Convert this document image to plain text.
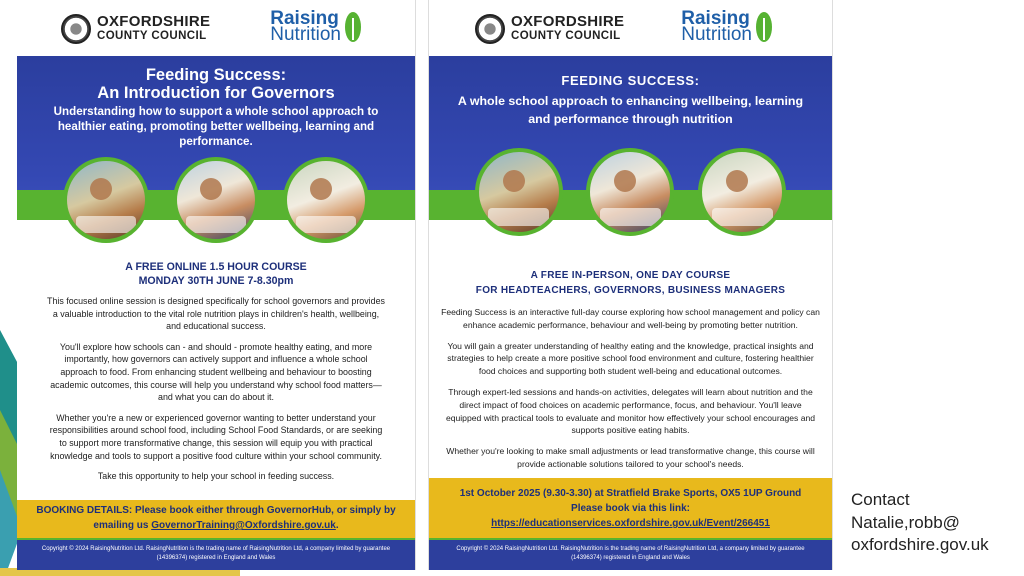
OXFORDSHIRE
COUNTY COUNCIL
Raising
Nutrition
Feeding Success:
An Introduction for Governors
Understanding how to support a whole school approach to healthier eating, promoting better wellbeing, learning and performance.
A FREE ONLINE 1.5 HOUR COURSE
MONDAY 30TH JUNE 7-8.30pm

This focused online session is designed specifically for school governors and provides a valuable introduction to the vital role nutrition plays in children's health, wellbeing, and educational success.

You'll explore how schools can - and should - promote healthy eating, and more importantly, how governors can actively support and influence a whole school approach to food. From enhancing student wellbeing and behaviour to boosting academic outcomes, this course will help you understand why school food matters—and what you can do about it.

Whether you're a new or experienced governor wanting to better understand your responsibilities around school food, including School Food Standards, or are seeking to support more transformative change, this session will equip you with practical knowledge and tools to support a positive food culture within your school community.

Take this opportunity to help your school in feeding success.

BOOKING DETAILS: Please book either through GovernorHub, or simply by emailing us GovernorTraining@Oxfordshire.gov.uk.
Copyright © 2024 RaisingNutrition Ltd. RaisingNutrition is the trading name of RaisingNutrition Ltd, a company limited by guarantee (14396374) registered in England and Wales
OXFORDSHIRE
COUNTY COUNCIL
Raising
Nutrition
FEEDING SUCCESS:
A whole school approach to enhancing wellbeing, learning and performance through nutrition
A FREE IN-PERSON, ONE DAY COURSE
FOR HEADTEACHERS, GOVERNORS, BUSINESS MANAGERS

Feeding Success is an interactive full-day course exploring how school management and policy can enhance academic performance, behaviour and well-being by promoting better nutrition.

You will gain a greater understanding of healthy eating and the knowledge, practical insights and strategies to help create a more positive school food environment and culture, fostering healthier food choices and supporting both student well-being and educational outcomes.

Through expert-led sessions and hands-on activities, delegates will learn about nutrition and the direct impact of food choices on academic performance, focus, and behaviour. You'll leave equipped with practical tools to evaluate and monitor how effectively your school encourages and supports positive eating habits.

Whether you're looking to make small adjustments or lead transformative change, this course will provide actionable solutions tailored to your school's needs.

1st October 2025 (9.30-3.30) at Stratfield Brake Sports, OX5 1UP Ground
Please book via this link:
https://educationservices.oxfordshire.gov.uk/Event/266451
Copyright © 2024 RaisingNutrition Ltd. RaisingNutrition is the trading name of RaisingNutrition Ltd, a company limited by guarantee (14396374) registered in England and Wales
Contact
Natalie,robb@
oxfordshire.gov.uk
